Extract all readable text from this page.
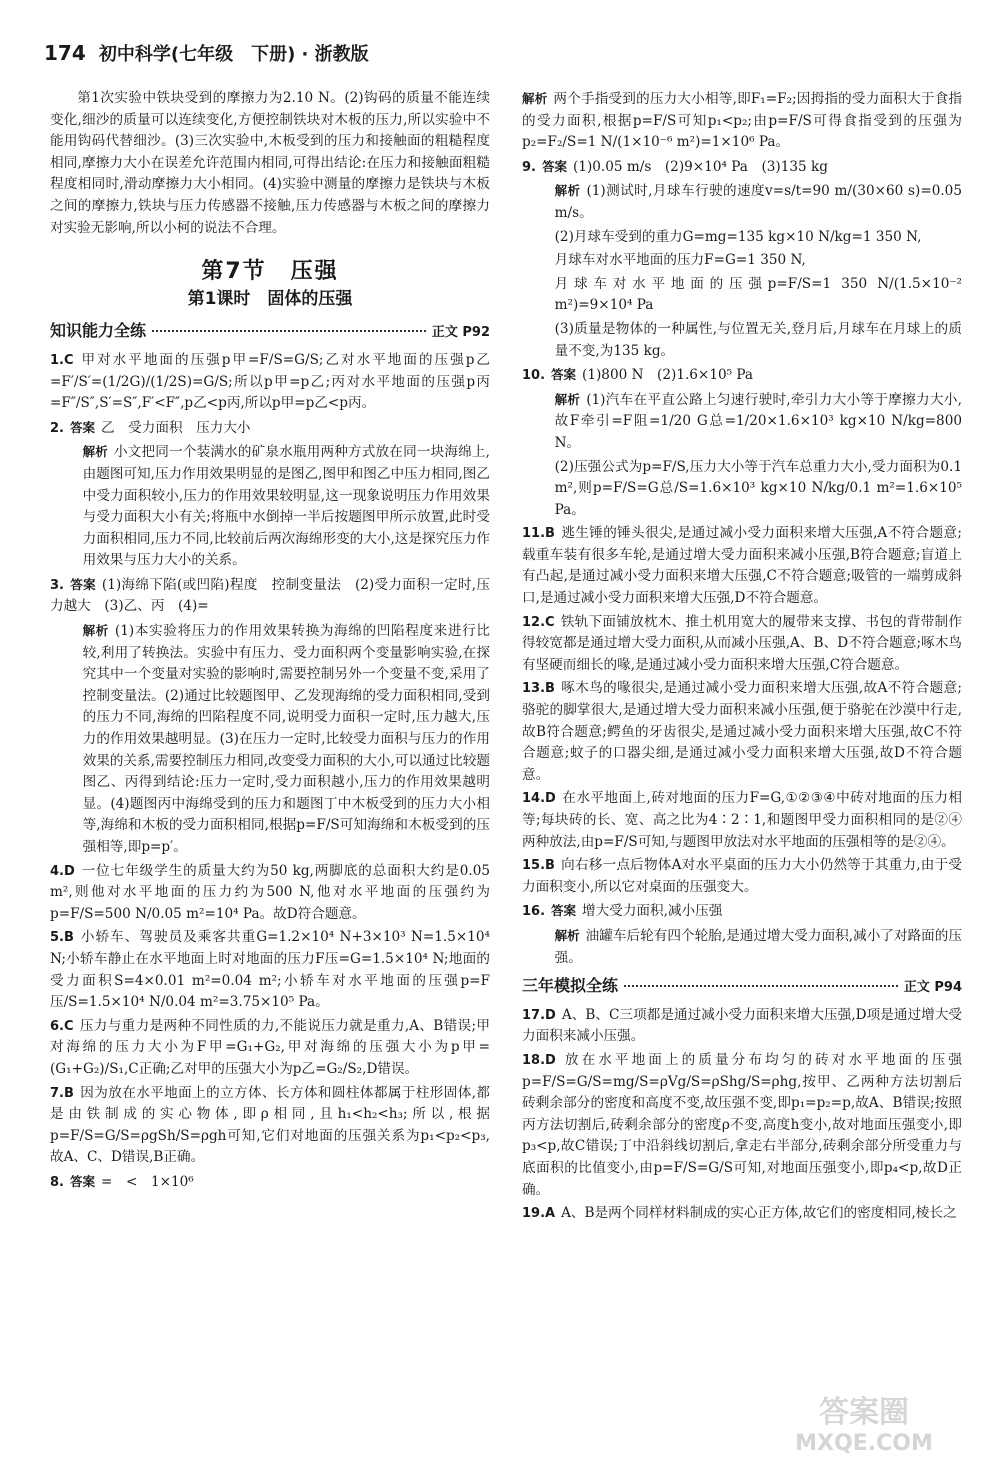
174 初中科学(七年级　下册) · 浙教版

第1次实验中铁块受到的摩擦力为2.10 N。(2)钩码的质量不能连续变化,细沙的质量可以连续变化,方便控制铁块对木板的压力,所以实验中不能用钩码代替细沙。(3)三次实验中,木板受到的压力和接触面的粗糙程度相同,摩擦力大小在误差允许范围内相同,可得出结论:在压力和接触面粗糙程度相同时,滑动摩擦力大小相同。(4)实验中测量的摩擦力是铁块与木板之间的摩擦力,铁块与压力传感器不接触,压力传感器与木板之间的摩擦力对实验无影响,所以小柯的说法不合理。

第7节　压强
第1课时　固体的压强
知识能力全练	正文 P92

1.C 甲对水平地面的压强p甲=F/S=G/S;乙对水平地面的压强p乙=F′/S′=(1/2G)/(1/2S)=G/S;所以p甲=p乙;丙对水平地面的压强p丙=F″/S″,S′=S″,F′<F″,p乙<p丙,所以p甲=p乙<p丙。

2. 答案 乙　受力面积　压力大小

解析 小文把同一个装满水的矿泉水瓶用两种方式放在同一块海绵上,由题图可知,压力作用效果明显的是图乙,图甲和图乙中压力相同,图乙中受力面积较小,压力的作用效果较明显,这一现象说明压力作用效果与受力面积大小有关;将瓶中水倒掉一半后按题图甲所示放置,此时受力面积相同,压力不同,比较前后两次海绵形变的大小,这是探究压力作用效果与压力大小的关系。

3. 答案 (1)海绵下陷(或凹陷)程度　控制变量法　(2)受力面积一定时,压力越大　(3)乙、丙　(4)=

解析 (1)本实验将压力的作用效果转换为海绵的凹陷程度来进行比较,利用了转换法。实验中有压力、受力面积两个变量影响实验,在探究其中一个变量对实验的影响时,需要控制另外一个变量不变,采用了控制变量法。(2)通过比较题图甲、乙发现海绵的受力面积相同,受到的压力不同,海绵的凹陷程度不同,说明受力面积一定时,压力越大,压力的作用效果越明显。(3)在压力一定时,比较受力面积与压力的作用效果的关系,需要控制压力相同,改变受力面积的大小,可以通过比较题图乙、丙得到结论:压力一定时,受力面积越小,压力的作用效果越明显。(4)题图丙中海绵受到的压力和题图丁中木板受到的压力大小相等,海绵和木板的受力面积相同,根据p=F/S可知海绵和木板受到的压强相等,即p=p′。

4.D 一位七年级学生的质量大约为50 kg,两脚底的总面积大约是0.05 m²,则他对水平地面的压力约为500 N,他对水平地面的压强约为p=F/S=500 N/0.05 m²=10⁴ Pa。故D符合题意。

5.B 小轿车、驾驶员及乘客共重G=1.2×10⁴ N+3×10³ N=1.5×10⁴ N;小轿车静止在水平地面上时对地面的压力F压=G=1.5×10⁴ N;地面的受力面积S=4×0.01 m²=0.04 m²;小轿车对水平地面的压强p=F压/S=1.5×10⁴ N/0.04 m²=3.75×10⁵ Pa。

6.C 压力与重力是两种不同性质的力,不能说压力就是重力,A、B错误;甲对海绵的压力大小为F甲=G₁+G₂,甲对海绵的压强大小为p甲=(G₁+G₂)/S₁,C正确;乙对甲的压强大小为p乙=G₂/S₂,D错误。

7.B 因为放在水平地面上的立方体、长方体和圆柱体都属于柱形固体,都是由铁制成的实心物体,即ρ相同,且h₁<h₂<h₃;所以,根据p=F/S=G/S=ρgSh/S=ρgh可知,它们对地面的压强关系为p₁<p₂<p₃,故A、C、D错误,B正确。

8. 答案 =　<　1×10⁶

解析 两个手指受到的压力大小相等,即F₁=F₂;因拇指的受力面积大于食指的受力面积,根据p=F/S可知p₁<p₂;由p=F/S可得食指受到的压强为p₂=F₂/S=1 N/(1×10⁻⁶ m²)=1×10⁶ Pa。

9. 答案 (1)0.05 m/s　(2)9×10⁴ Pa　(3)135 kg

解析 (1)测试时,月球车行驶的速度v=s/t=90 m/(30×60 s)=0.05 m/s。

(2)月球车受到的重力G=mg=135 kg×10 N/kg=1 350 N,

月球车对水平地面的压力F=G=1 350 N,

月球车对水平地面的压强p=F/S=1 350 N/(1.5×10⁻² m²)=9×10⁴ Pa

(3)质量是物体的一种属性,与位置无关,登月后,月球车在月球上的质量不变,为135 kg。

10. 答案 (1)800 N　(2)1.6×10⁵ Pa

解析 (1)汽车在平直公路上匀速行驶时,牵引力大小等于摩擦力大小,故F牵引=F阻=1/20 G总=1/20×1.6×10³ kg×10 N/kg=800 N。

(2)压强公式为p=F/S,压力大小等于汽车总重力大小,受力面积为0.1 m²,则p=F/S=G总/S=1.6×10³ kg×10 N/kg/0.1 m²=1.6×10⁵ Pa。

11.B 逃生锤的锤头很尖,是通过减小受力面积来增大压强,A不符合题意;载重车装有很多车轮,是通过增大受力面积来减小压强,B符合题意;盲道上有凸起,是通过减小受力面积来增大压强,C不符合题意;吸管的一端剪成斜口,是通过减小受力面积来增大压强,D不符合题意。

12.C 铁轨下面铺放枕木、推土机用宽大的履带来支撑、书包的背带制作得较宽都是通过增大受力面积,从而减小压强,A、B、D不符合题意;啄木鸟有坚硬而细长的喙,是通过减小受力面积来增大压强,C符合题意。

13.B 啄木鸟的喙很尖,是通过减小受力面积来增大压强,故A不符合题意;骆驼的脚掌很大,是通过增大受力面积来减小压强,便于骆驼在沙漠中行走,故B符合题意;鳄鱼的牙齿很尖,是通过减小受力面积来增大压强,故C不符合题意;蚊子的口器尖细,是通过减小受力面积来增大压强,故D不符合题意。

14.D 在水平地面上,砖对地面的压力F=G,①②③④中砖对地面的压力相等;每块砖的长、宽、高之比为4∶2∶1,和题图甲受力面积相同的是②④两种放法,由p=F/S可知,与题图甲放法对水平地面的压强相等的是②④。

15.B 向右移一点后物体A对水平桌面的压力大小仍然等于其重力,由于受力面积变小,所以它对桌面的压强变大。

16. 答案 增大受力面积,减小压强

解析 油罐车后轮有四个轮胎,是通过增大受力面积,减小了对路面的压强。

三年模拟全练	正文 P94

17.D A、B、C三项都是通过减小受力面积来增大压强,D项是通过增大受力面积来减小压强。

18.D 放在水平地面上的质量分布均匀的砖对水平地面的压强p=F/S=G/S=mg/S=ρVg/S=ρShg/S=ρhg,按甲、乙两种方法切割后砖剩余部分的密度和高度不变,故压强不变,即p₁=p₂=p,故A、B错误;按照丙方法切割后,砖剩余部分的密度ρ不变,高度h变小,故对地面压强变小,即p₃<p,故C错误;丁中沿斜线切割后,拿走右半部分,砖剩余部分所受重力与底面积的比值变小,由p=F/S=G/S可知,对地面压强变小,即p₄<p,故D正确。

19.A A、B是两个同样材料制成的实心正方体,故它们的密度相同,棱长之

答案圈
MXQE.COM
